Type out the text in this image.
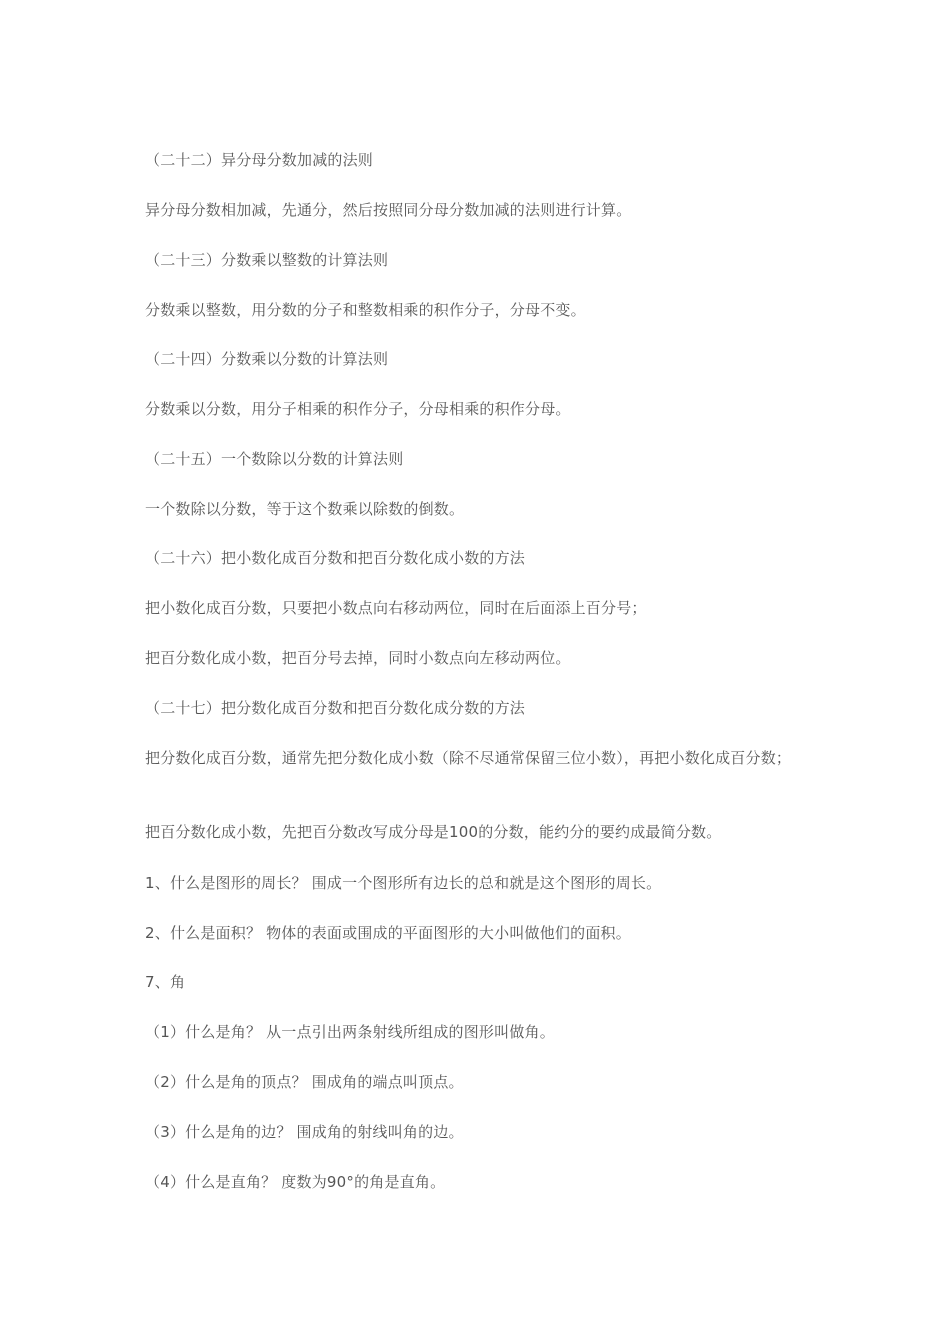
（二十二）异分母分数加减的法则
异分母分数相加减，先通分，然后按照同分母分数加减的法则进行计算。
（二十三）分数乘以整数的计算法则
分数乘以整数，用分数的分子和整数相乘的积作分子，分母不变。
（二十四）分数乘以分数的计算法则
分数乘以分数，用分子相乘的积作分子，分母相乘的积作分母。
（二十五）一个数除以分数的计算法则
一个数除以分数，等于这个数乘以除数的倒数。
（二十六）把小数化成百分数和把百分数化成小数的方法
把小数化成百分数，只要把小数点向右移动两位，同时在后面添上百分号；
把百分数化成小数，把百分号去掉，同时小数点向左移动两位。
（二十七）把分数化成百分数和把百分数化成分数的方法
把分数化成百分数，通常先把分数化成小数（除不尽通常保留三位小数），再把小数化成百分数；
把百分数化成小数，先把百分数改写成分母是100的分数，能约分的要约成最简分数。
1、什么是图形的周长？ 围成一个图形所有边长的总和就是这个图形的周长。
2、什么是面积？ 物体的表面或围成的平面图形的大小叫做他们的面积。
7、角
（1）什么是角？ 从一点引出两条射线所组成的图形叫做角。
（2）什么是角的顶点？ 围成角的端点叫顶点。
（3）什么是角的边？ 围成角的射线叫角的边。
（4）什么是直角？ 度数为90°的角是直角。
